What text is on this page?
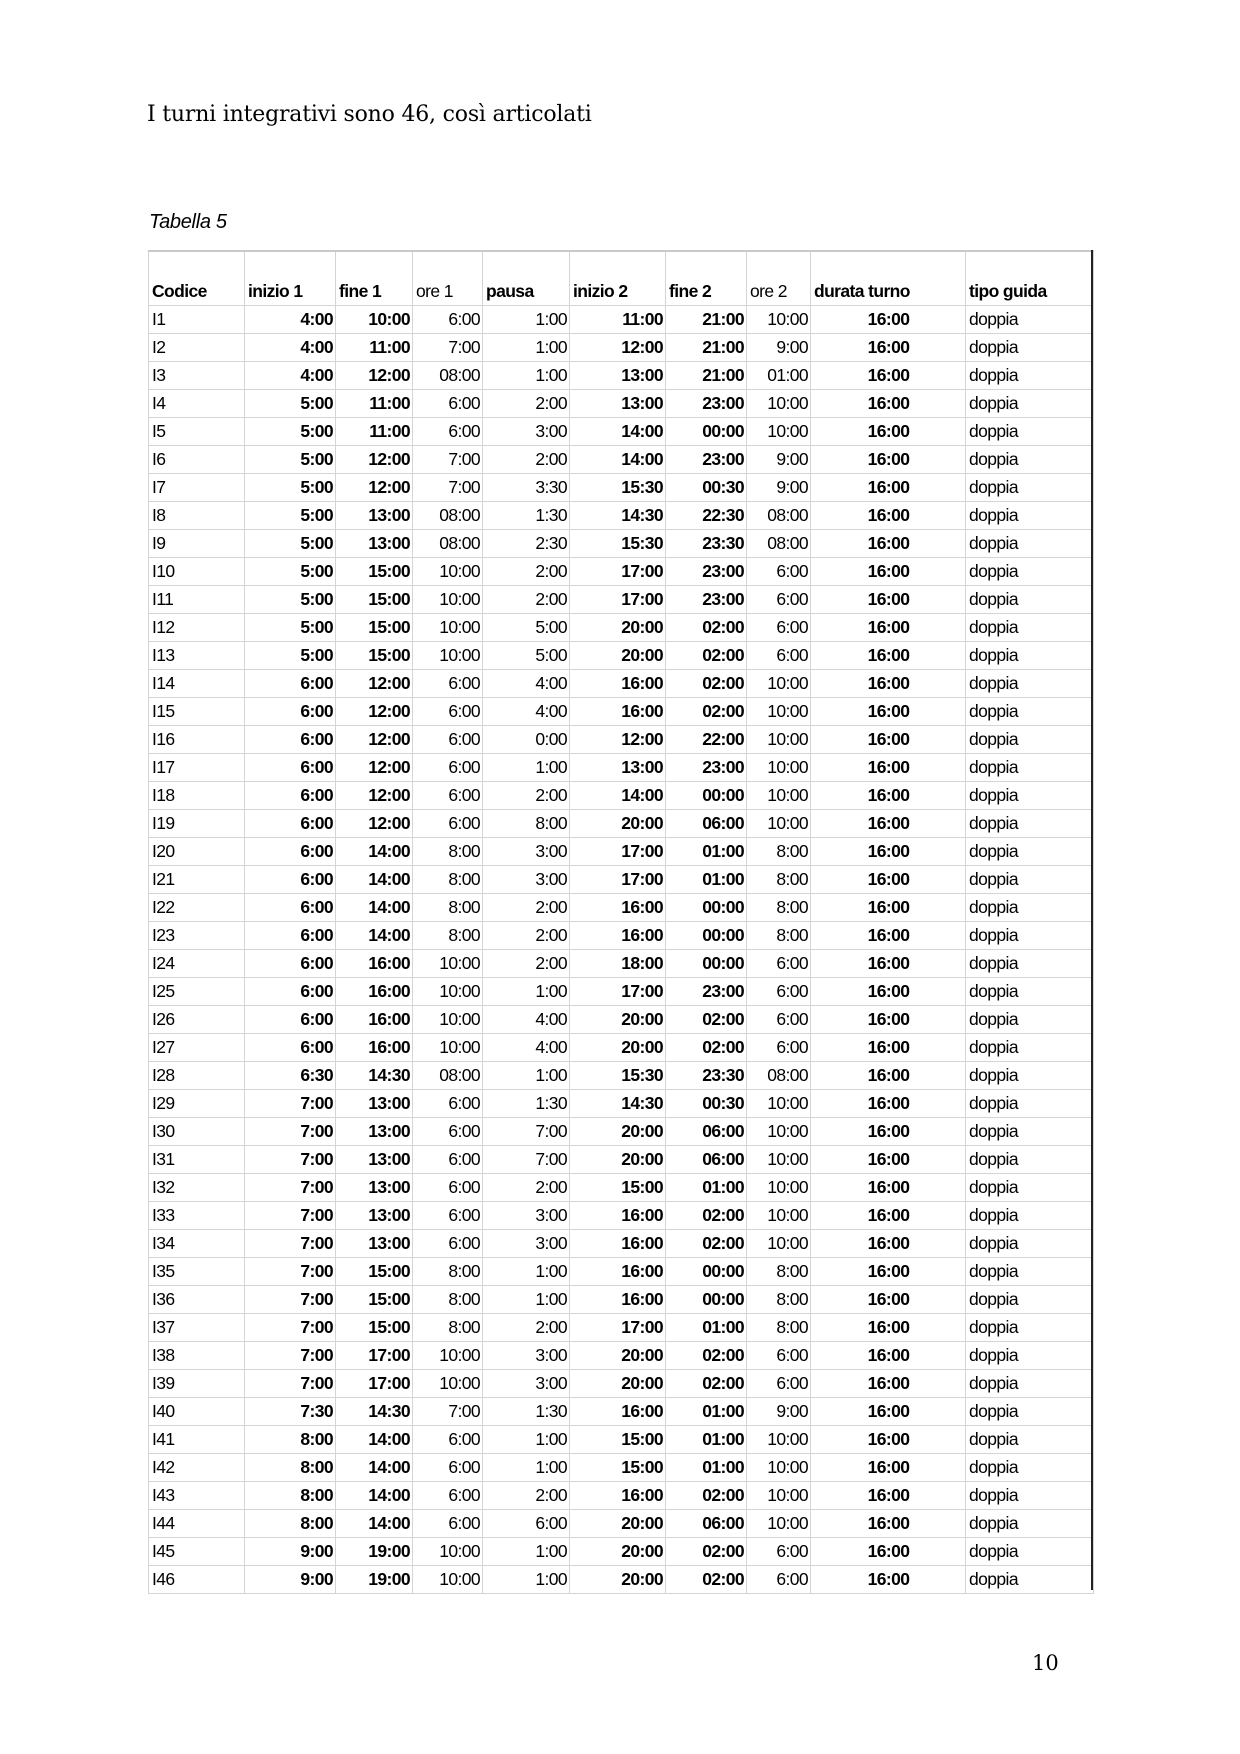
I turni integrativi sono 46, così articolati
Tabella 5
Codice	inizio 1	fine 1	ore 1	pausa	inizio 2	fine 2	ore 2	durata turno	tipo guida
I1	4:00	10:00	6:00	1:00	11:00	21:00	10:00	16:00	doppia
I2	4:00	11:00	7:00	1:00	12:00	21:00	9:00	16:00	doppia
I3	4:00	12:00	08:00	1:00	13:00	21:00	01:00	16:00	doppia
I4	5:00	11:00	6:00	2:00	13:00	23:00	10:00	16:00	doppia
I5	5:00	11:00	6:00	3:00	14:00	00:00	10:00	16:00	doppia
I6	5:00	12:00	7:00	2:00	14:00	23:00	9:00	16:00	doppia
I7	5:00	12:00	7:00	3:30	15:30	00:30	9:00	16:00	doppia
I8	5:00	13:00	08:00	1:30	14:30	22:30	08:00	16:00	doppia
I9	5:00	13:00	08:00	2:30	15:30	23:30	08:00	16:00	doppia
I10	5:00	15:00	10:00	2:00	17:00	23:00	6:00	16:00	doppia
I11	5:00	15:00	10:00	2:00	17:00	23:00	6:00	16:00	doppia
I12	5:00	15:00	10:00	5:00	20:00	02:00	6:00	16:00	doppia
I13	5:00	15:00	10:00	5:00	20:00	02:00	6:00	16:00	doppia
I14	6:00	12:00	6:00	4:00	16:00	02:00	10:00	16:00	doppia
I15	6:00	12:00	6:00	4:00	16:00	02:00	10:00	16:00	doppia
I16	6:00	12:00	6:00	0:00	12:00	22:00	10:00	16:00	doppia
I17	6:00	12:00	6:00	1:00	13:00	23:00	10:00	16:00	doppia
I18	6:00	12:00	6:00	2:00	14:00	00:00	10:00	16:00	doppia
I19	6:00	12:00	6:00	8:00	20:00	06:00	10:00	16:00	doppia
I20	6:00	14:00	8:00	3:00	17:00	01:00	8:00	16:00	doppia
I21	6:00	14:00	8:00	3:00	17:00	01:00	8:00	16:00	doppia
I22	6:00	14:00	8:00	2:00	16:00	00:00	8:00	16:00	doppia
I23	6:00	14:00	8:00	2:00	16:00	00:00	8:00	16:00	doppia
I24	6:00	16:00	10:00	2:00	18:00	00:00	6:00	16:00	doppia
I25	6:00	16:00	10:00	1:00	17:00	23:00	6:00	16:00	doppia
I26	6:00	16:00	10:00	4:00	20:00	02:00	6:00	16:00	doppia
I27	6:00	16:00	10:00	4:00	20:00	02:00	6:00	16:00	doppia
I28	6:30	14:30	08:00	1:00	15:30	23:30	08:00	16:00	doppia
I29	7:00	13:00	6:00	1:30	14:30	00:30	10:00	16:00	doppia
I30	7:00	13:00	6:00	7:00	20:00	06:00	10:00	16:00	doppia
I31	7:00	13:00	6:00	7:00	20:00	06:00	10:00	16:00	doppia
I32	7:00	13:00	6:00	2:00	15:00	01:00	10:00	16:00	doppia
I33	7:00	13:00	6:00	3:00	16:00	02:00	10:00	16:00	doppia
I34	7:00	13:00	6:00	3:00	16:00	02:00	10:00	16:00	doppia
I35	7:00	15:00	8:00	1:00	16:00	00:00	8:00	16:00	doppia
I36	7:00	15:00	8:00	1:00	16:00	00:00	8:00	16:00	doppia
I37	7:00	15:00	8:00	2:00	17:00	01:00	8:00	16:00	doppia
I38	7:00	17:00	10:00	3:00	20:00	02:00	6:00	16:00	doppia
I39	7:00	17:00	10:00	3:00	20:00	02:00	6:00	16:00	doppia
I40	7:30	14:30	7:00	1:30	16:00	01:00	9:00	16:00	doppia
I41	8:00	14:00	6:00	1:00	15:00	01:00	10:00	16:00	doppia
I42	8:00	14:00	6:00	1:00	15:00	01:00	10:00	16:00	doppia
I43	8:00	14:00	6:00	2:00	16:00	02:00	10:00	16:00	doppia
I44	8:00	14:00	6:00	6:00	20:00	06:00	10:00	16:00	doppia
I45	9:00	19:00	10:00	1:00	20:00	02:00	6:00	16:00	doppia
I46	9:00	19:00	10:00	1:00	20:00	02:00	6:00	16:00	doppia
10
